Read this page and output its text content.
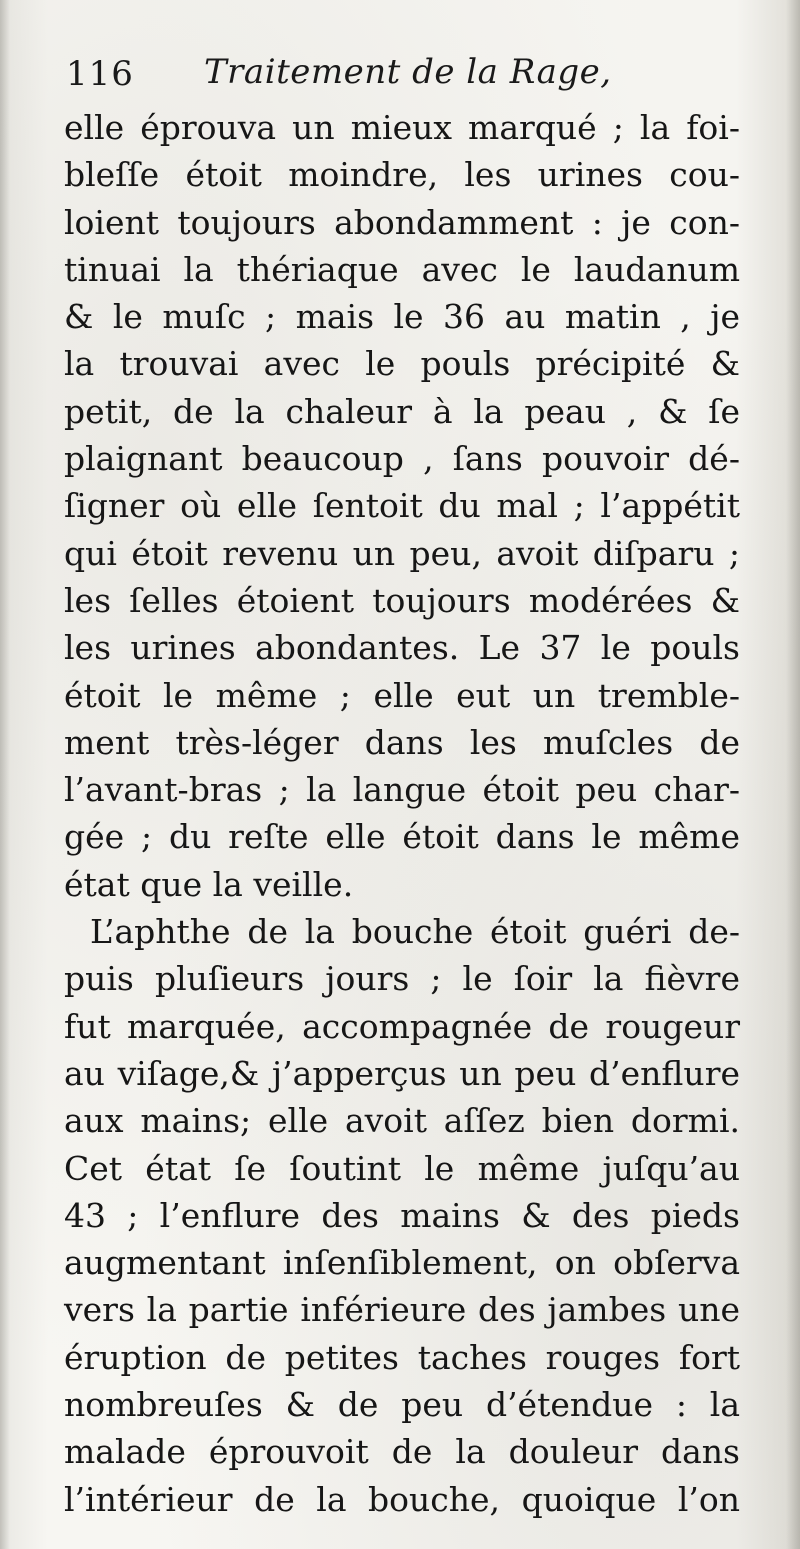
116 Traitement de la Rage,
elle éprouva un mieux marqué ; la foi-
bleſſe étoit moindre, les urines cou-
loient toujours abondamment : je con-
tinuai la thériaque avec le laudanum
& le muſc ; mais le 36 au matin , je
la trouvai avec le pouls précipité &
petit, de la chaleur à la peau , & ſe
plaignant beaucoup , ſans pouvoir dé-
ſigner où elle ſentoit du mal ; l’appétit
qui étoit revenu un peu, avoit diſparu ;
les ſelles étoient toujours modérées &
les urines abondantes. Le 37 le pouls
étoit le même ; elle eut un tremble-
ment très-léger dans les muſcles de
l’avant-bras ; la langue étoit peu char-
gée ; du reſte elle étoit dans le même
état que la veille.
L’aphthe de la bouche étoit guéri de-
puis pluſieurs jours ; le ſoir la fièvre
fut marquée, accompagnée de rougeur
au viſage,& j’apperçus un peu d’enflure
aux mains; elle avoit aſſez bien dormi.
Cet état ſe ſoutint le même juſqu’au
43 ; l’enflure des mains & des pieds
augmentant inſenſiblement, on obſerva
vers la partie inférieure des jambes une
éruption de petites taches rouges fort
nombreuſes & de peu d’étendue : la
malade éprouvoit de la douleur dans
l’intérieur de la bouche, quoique l’on
